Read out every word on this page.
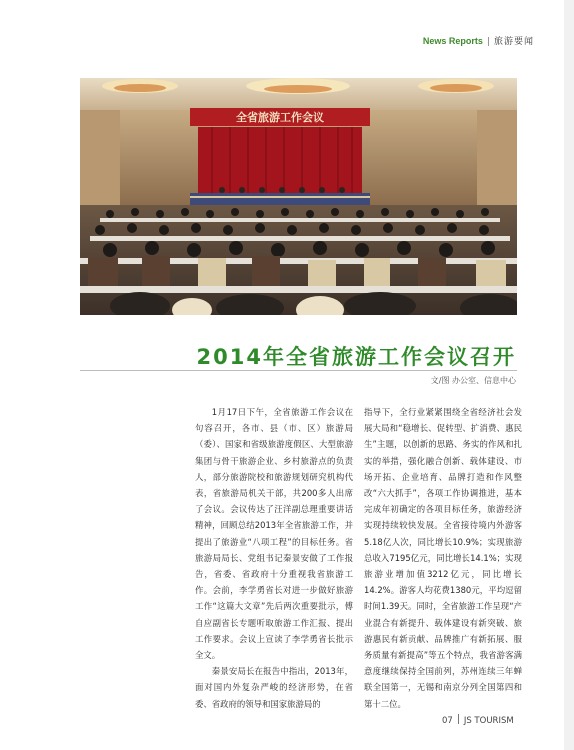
News Reports | 旅游要闻
全省旅游工作会议
2014年全省旅游工作会议召开
文/图 办公室、信息中心

1月17日下午，全省旅游工作会议在句容召开，各市、县（市、区）旅游局（委）、国家和省级旅游度假区、大型旅游集团与骨干旅游企业、乡村旅游点的负责人，部分旅游院校和旅游规划研究机构代表，省旅游局机关干部，共200多人出席了会议。会议传达了汪洋副总理重要讲话精神，回顾总结2013年全省旅游工作，并提出了旅游业“八项工程”的目标任务。省旅游局局长、党组书记秦景安做了工作报告，省委、省政府十分重视我省旅游工作。会前，李学勇省长对进一步做好旅游工作“这篇大文章”先后两次重要批示，傅自应副省长专题听取旅游工作汇报、提出工作要求。会议上宣读了李学勇省长批示全文。

秦景安局长在报告中指出，2013年，面对国内外复杂严峻的经济形势，在省委、省政府的领导和国家旅游局的

指导下，全行业紧紧围绕全省经济社会发展大局和“稳增长、促转型、扩消费、惠民生”主题，以创新的思路、务实的作风和扎实的举措，强化融合创新、载体建设、市场开拓、企业培育、品牌打造和作风整改“六大抓手”，各项工作协调推进，基本完成年初确定的各项目标任务，旅游经济实现持续较快发展。全省接待境内外游客5.18亿人次，同比增长10.9%；实现旅游总收入7195亿元，同比增长14.1%；实现旅游业增加值3212亿元，同比增长14.2%。游客人均花费1380元，平均逗留时间1.39天。同时，全省旅游工作呈现“产业混合有新提升、载体建设有新突破、旅游惠民有新贡献、品牌推广有新拓展、服务质量有新提高”等五个特点，我省游客满意度继续保持全国前列，苏州连续三年蝉联全国第一，无锡和南京分列全国第四和第十二位。

07 JS TOURISM
